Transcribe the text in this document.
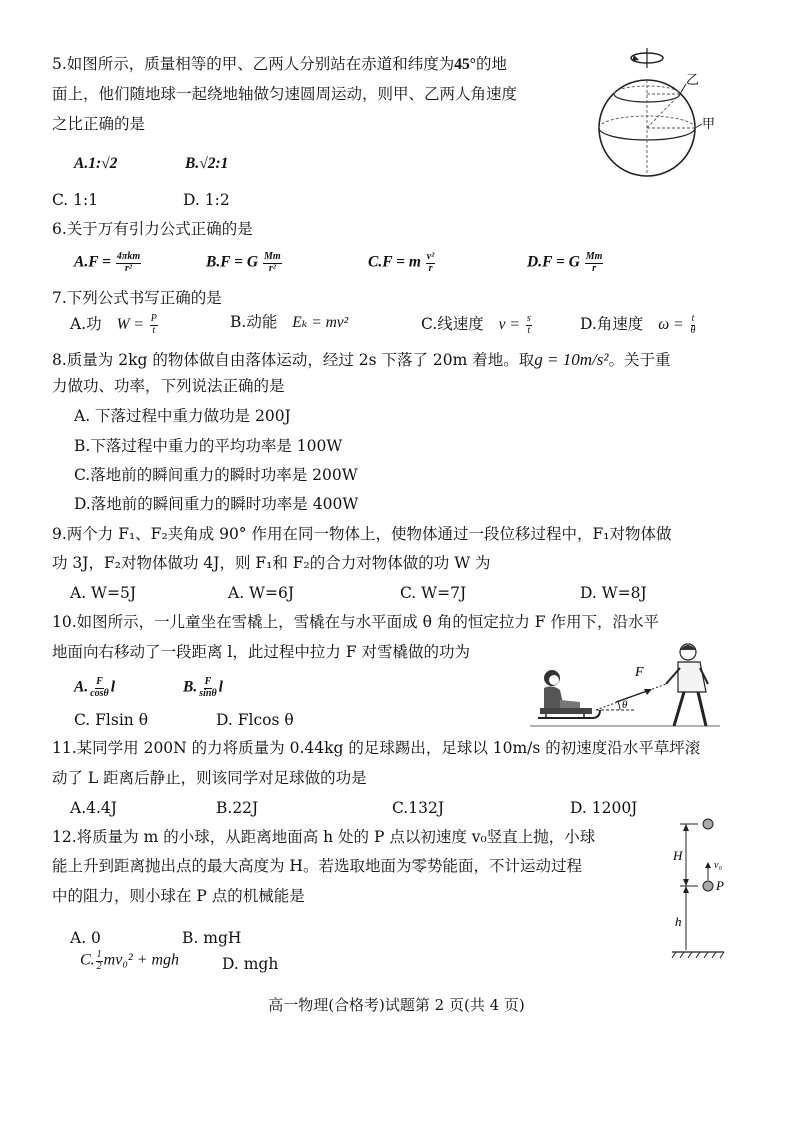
5.如图所示，质量相等的甲、乙两人分别站在赤道和纬度为45°的地
面上，他们随地球一起绕地轴做匀速圆周运动，则甲、乙两人角速度
之比正确的是
A.1:√2	B.√2:1
C. 1:1	D. 1:2
乙
甲
6.关于万有引力公式正确的是
$A.F = \frac{\text{4πkm}}{\text{r²}}$	B.F = G $\frac{Mm}{\text{r²}}$	C.F = m $\frac{\text{v²}}{r}$	D.F = G $\frac{Mm}{r}$
7.下列公式书写正确的是
A.功 $W = \frac{P}{t}$	B.动能 Eₖ = mv²	C.线速度 $v = \frac{s}{t}$	D.角速度 $\omega = \frac{t}{\theta}$
8.质量为 2kg 的物体做自由落体运动，经过 2s 下落了 20m 着地。取g = 10m/s²。关于重
力做功、功率，下列说法正确的是
A. 下落过程中重力做功是 200J
B.下落过程中重力的平均功率是 100W
C.落地前的瞬间重力的瞬时功率是 200W
D.落地前的瞬间重力的瞬时功率是 400W
9.两个力 F₁、F₂夹角成 90° 作用在同一物体上，使物体通过一段位移过程中，F₁对物体做
功 3J，F₂对物体做功 4J，则 F₁和 F₂的合力对物体做的功 W 为
A. W=5J	A. W=6J	C. W=7J	D. W=8J
10.如图所示，一儿童坐在雪橇上，雪橇在与水平面成 θ 角的恒定拉力 F 作用下，沿水平
地面向右移动了一段距离 l，此过程中拉力 F 对雪橇做的功为
A. $\frac{F}{\cos\theta}$ l	B. $\frac{F}{\sin\theta}$ l
C. Flsin θ	D. Flcos θ
F
θ
11.某同学用 200N 的力将质量为 0.44kg 的足球踢出，足球以 10m/s 的初速度沿水平草坪滚
动了 L 距离后静止，则该同学对足球做的功是
A.4.4J	B.22J	C.132J	D. 1200J
12.将质量为 m 的小球，从距离地面高 h 处的 P 点以初速度 v₀竖直上抛，小球
能上升到距离抛出点的最大高度为 H。若选取地面为零势能面，不计运动过程
中的阻力，则小球在 P 点的机械能是
A. 0	B. mgH
C. $\frac{1}{2} mv_0^2$ + mgh	D. mgh
H
h
v₀
P
高一物理(合格考)试题第 2 页(共 4 页)
